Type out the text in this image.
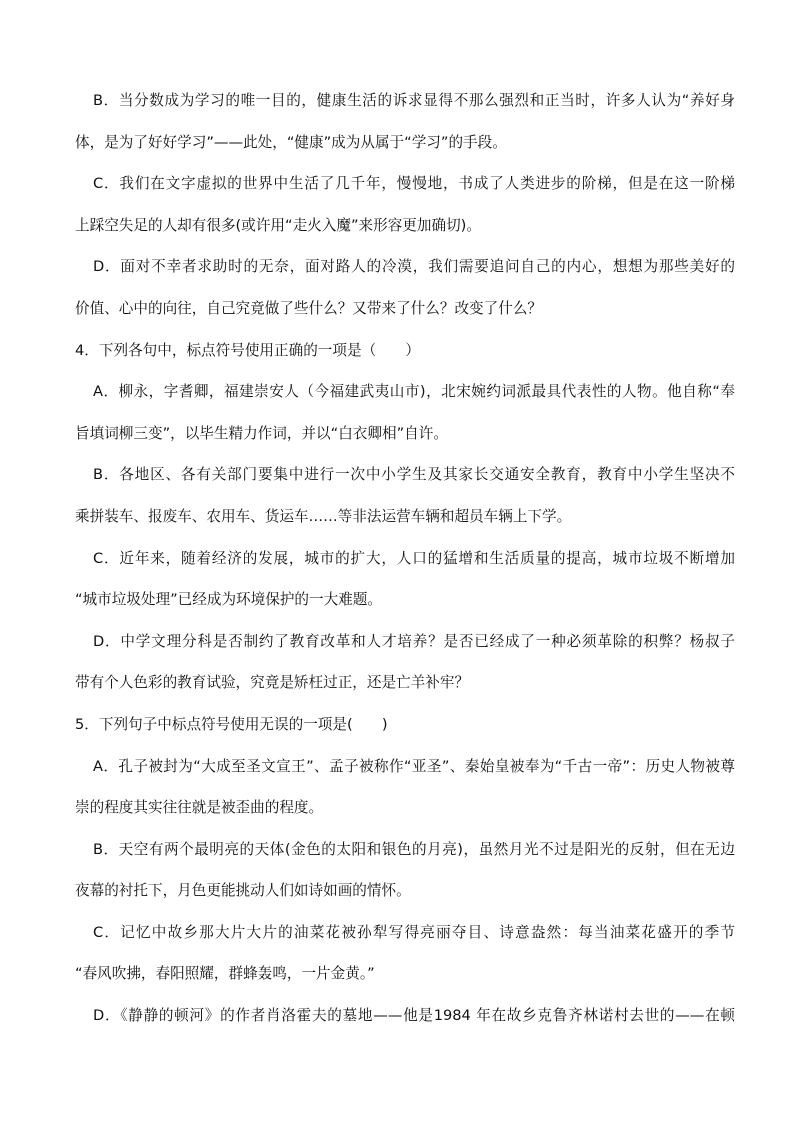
B．当分数成为学习的唯一目的，健康生活的诉求显得不那么强烈和正当时，许多人认为“养好身
体，是为了好好学习”——此处，“健康”成为从属于“学习”的手段。
C．我们在文字虚拟的世界中生活了几千年，慢慢地，书成了人类进步的阶梯，但是在这一阶梯
上踩空失足的人却有很多(或许用“走火入魔”来形容更加确切)。
D．面对不幸者求助时的无奈，面对路人的冷漠，我们需要追问自己的内心，想想为那些美好的
价值、心中的向往，自己究竟做了些什么？又带来了什么？改变了什么？
4．下列各句中，标点符号使用正确的一项是（　　）
A．柳永，字耆卿，福建崇安人（今福建武夷山市)，北宋婉约词派最具代表性的人物。他自称“奉
旨填词柳三变”，以毕生精力作词，并以“白衣卿相”自许。
B．各地区、各有关部门要集中进行一次中小学生及其家长交通安全教育，教育中小学生坚决不
乘拼装车、报废车、农用车、货运车……等非法运营车辆和超员车辆上下学。
C．近年来，随着经济的发展，城市的扩大，人口的猛增和生活质量的提高，城市垃圾不断增加
“城市垃圾处理”已经成为环境保护的一大难题。
D．中学文理分科是否制约了教育改革和人才培养？是否已经成了一种必须革除的积弊？杨叔子
带有个人色彩的教育试验，究竟是矫枉过正，还是亡羊补牢？
5．下列句子中标点符号使用无误的一项是(　　)
A．孔子被封为“大成至圣文宣王”、孟子被称作“亚圣”、秦始皇被奉为“千古一帝”：历史人物被尊
崇的程度其实往往就是被歪曲的程度。
B．天空有两个最明亮的天体(金色的太阳和银色的月亮)，虽然月光不过是阳光的反射，但在无边
夜幕的衬托下，月色更能挑动人们如诗如画的情怀。
C．记忆中故乡那大片大片的油菜花被孙犁写得亮丽夺目、诗意盎然：每当油菜花盛开的季节
“春风吹拂，春阳照耀，群蜂轰鸣，一片金黄。”
D．《静静的顿河》的作者肖洛霍夫的墓地——他是1984 年在故乡克鲁齐林诺村去世的——在顿
